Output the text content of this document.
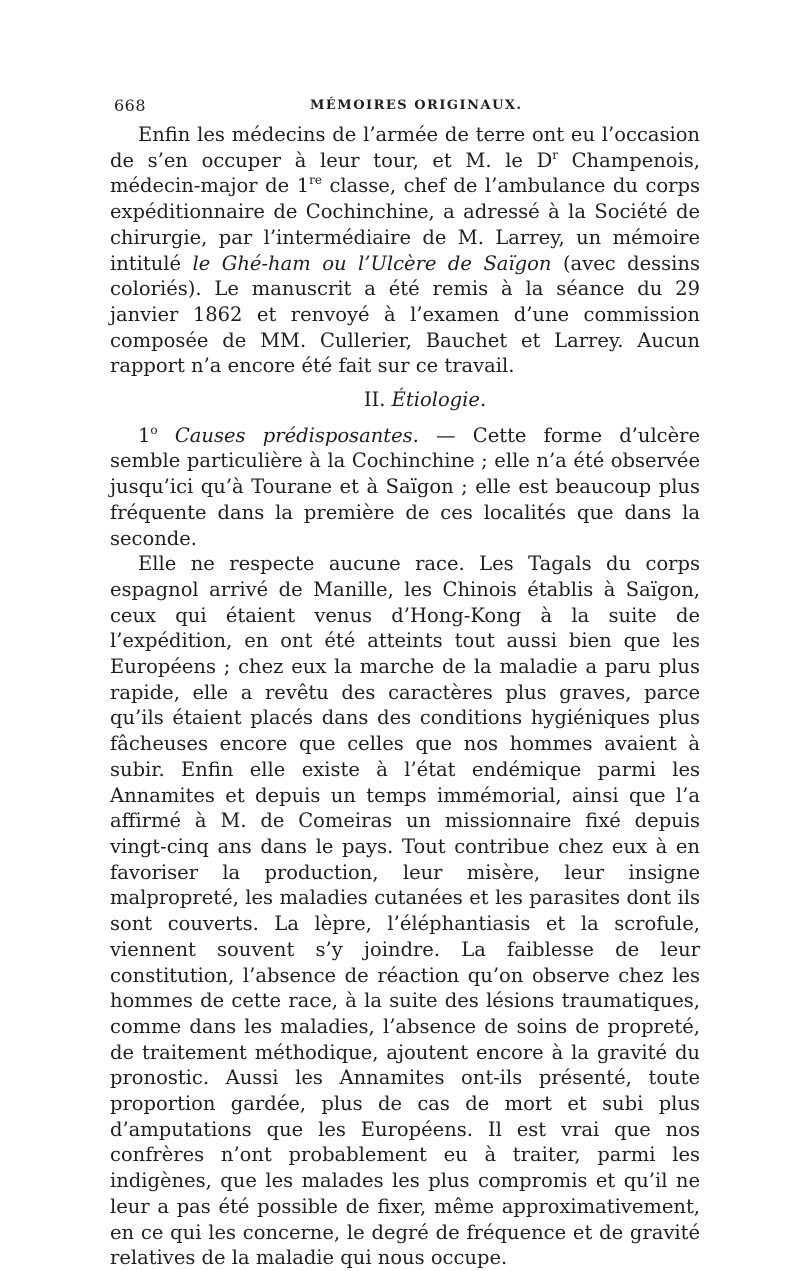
668	MÉMOIRES ORIGINAUX.

Enfin les médecins de l’armée de terre ont eu l’occasion de s’en occuper à leur tour, et M. le $D^r$ Champenois, médecin-major de 1re classe, chef de l’ambulance du corps expéditionnaire de Cochinchine, a adressé à la Société de chirurgie, par l’intermédiaire de M. Larrey, un mémoire intitulé le Ghé-ham ou l’Ulcère de Saïgon (avec dessins coloriés). Le manuscrit a été remis à la séance du 29 janvier 1862 et renvoyé à l’examen d’une commission composée de MM. Cullerier, Bauchet et Larrey. Aucun rapport n’a encore été fait sur ce travail.

II. Étiologie.

1$^o$ Causes prédisposantes. — Cette forme d’ulcère semble particulière à la Cochinchine ; elle n’a été observée jusqu’ici qu’à Tourane et à Saïgon ; elle est beaucoup plus fréquente dans la première de ces localités que dans la seconde.

Elle ne respecte aucune race. Les Tagals du corps espagnol arrivé de Manille, les Chinois établis à Saïgon, ceux qui étaient venus d’Hong-Kong à la suite de l’expédition, en ont été atteints tout aussi bien que les Européens ; chez eux la marche de la maladie a paru plus rapide, elle a revêtu des caractères plus graves, parce qu’ils étaient placés dans des conditions hygiéniques plus fâcheuses encore que celles que nos hommes avaient à subir. Enfin elle existe à l’état endémique parmi les Annamites et depuis un temps immémorial, ainsi que l’a affirmé à M. de Comeiras un missionnaire fixé depuis vingt-cinq ans dans le pays. Tout contribue chez eux à en favoriser la production, leur misère, leur insigne malpropreté, les maladies cutanées et les parasites dont ils sont couverts. La lèpre, l’éléphantiasis et la scrofule, viennent souvent s’y joindre. La faiblesse de leur constitution, l’absence de réaction qu’on observe chez les hommes de cette race, à la suite des lésions traumatiques, comme dans les maladies, l’absence de soins de propreté, de traitement méthodique, ajoutent encore à la gravité du pronostic. Aussi les Annamites ont-ils présenté, toute proportion gardée, plus de cas de mort et subi plus d’amputations que les Européens. Il est vrai que nos confrères n’ont probablement eu à traiter, parmi les indigènes, que les malades les plus compromis et qu’il ne leur a pas été possible de fixer, même approximativement, en ce qui les concerne, le degré de fréquence et de gravité relatives de la maladie qui nous occupe.
